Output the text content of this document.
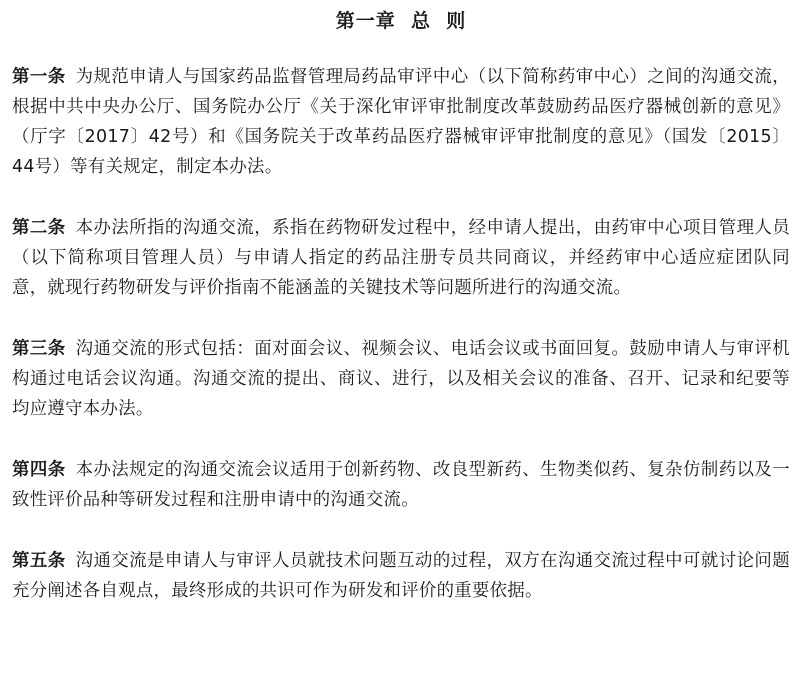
第一章  总  则
第一条 为规范申请人与国家药品监督管理局药品审评中心（以下简称药审中心）之间的沟通交流，根据中共中央办公厅、国务院办公厅《关于深化审评审批制度改革鼓励药品医疗器械创新的意见》（厅字〔2017〕42号）和《国务院关于改革药品医疗器械审评审批制度的意见》（国发〔2015〕44号）等有关规定，制定本办法。
第二条 本办法所指的沟通交流，系指在药物研发过程中，经申请人提出，由药审中心项目管理人员（以下简称项目管理人员）与申请人指定的药品注册专员共同商议，并经药审中心适应症团队同意，就现行药物研发与评价指南不能涵盖的关键技术等问题所进行的沟通交流。
第三条 沟通交流的形式包括：面对面会议、视频会议、电话会议或书面回复。鼓励申请人与审评机构通过电话会议沟通。沟通交流的提出、商议、进行，以及相关会议的准备、召开、记录和纪要等均应遵守本办法。
第四条 本办法规定的沟通交流会议适用于创新药物、改良型新药、生物类似药、复杂仿制药以及一致性评价品种等研发过程和注册申请中的沟通交流。
第五条 沟通交流是申请人与审评人员就技术问题互动的过程，双方在沟通交流过程中可就讨论问题充分阐述各自观点，最终形成的共识可作为研发和评价的重要依据。
